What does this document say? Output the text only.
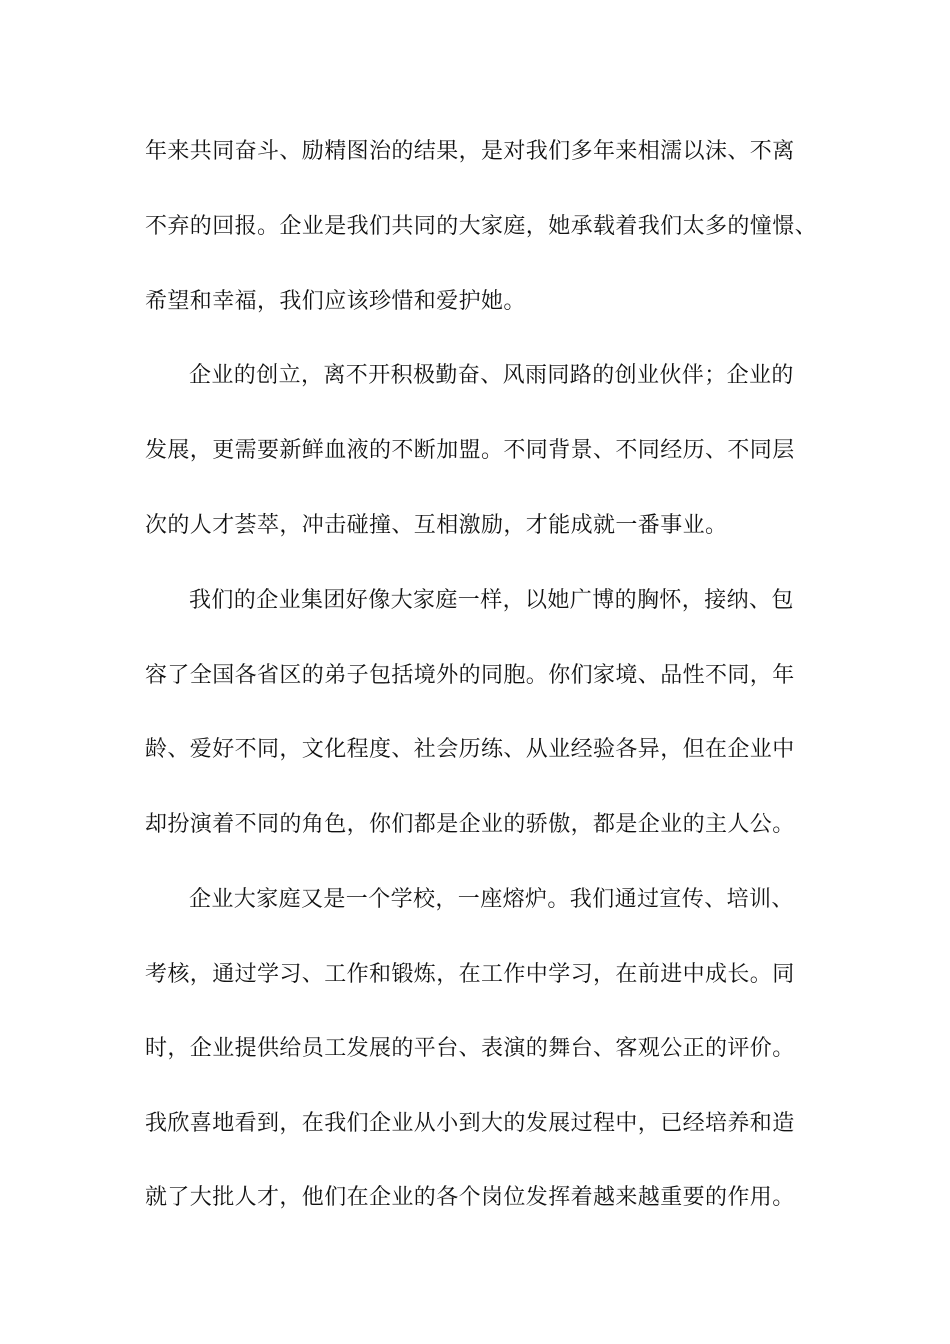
年来共同奋斗、励精图治的结果，是对我们多年来相濡以沫、不离
不弃的回报。企业是我们共同的大家庭，她承载着我们太多的憧憬、
希望和幸福，我们应该珍惜和爱护她。
企业的创立，离不开积极勤奋、风雨同路的创业伙伴；企业的
发展，更需要新鲜血液的不断加盟。不同背景、不同经历、不同层
次的人才荟萃，冲击碰撞、互相激励，才能成就一番事业。
我们的企业集团好像大家庭一样，以她广博的胸怀，接纳、包
容了全国各省区的弟子包括境外的同胞。你们家境、品性不同，年
龄、爱好不同，文化程度、社会历练、从业经验各异，但在企业中
却扮演着不同的角色，你们都是企业的骄傲，都是企业的主人公。
企业大家庭又是一个学校，一座熔炉。我们通过宣传、培训、
考核，通过学习、工作和锻炼，在工作中学习，在前进中成长。同
时，企业提供给员工发展的平台、表演的舞台、客观公正的评价。
我欣喜地看到，在我们企业从小到大的发展过程中，已经培养和造
就了大批人才，他们在企业的各个岗位发挥着越来越重要的作用。
